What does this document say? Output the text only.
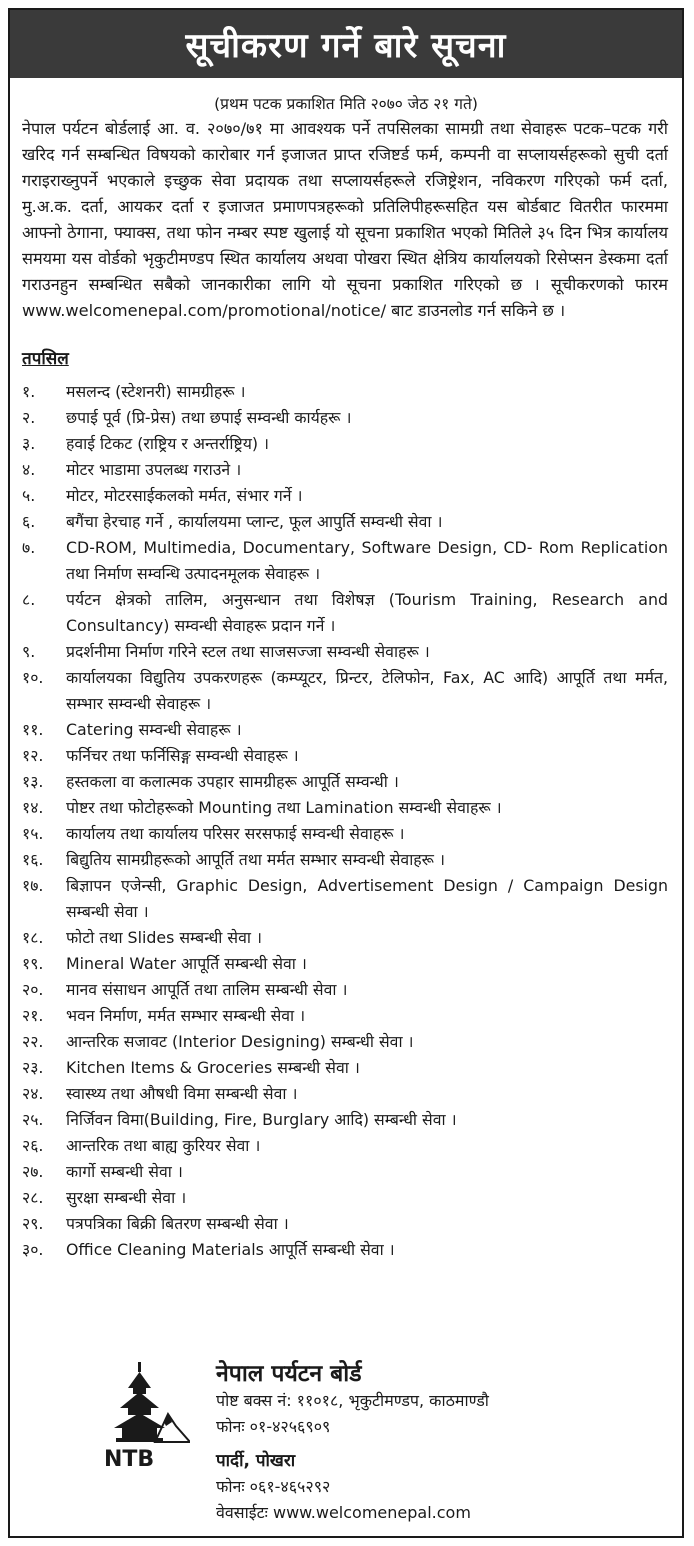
सूचीकरण गर्ने बारे सूचना
(प्रथम पटक प्रकाशित मिति २०७० जेठ २१ गते)
नेपाल पर्यटन बोर्डलाई आ. व. २०७०/७१ मा आवश्यक पर्ने तपसिलका सामग्री तथा सेवाहरू पटक–पटक गरी खरिद गर्न सम्बन्धित विषयको कारोबार गर्न इजाजत प्राप्त रजिष्टर्ड फर्म, कम्पनी वा सप्लायर्सहरूको सुची दर्ता गराइराख्नुपर्ने भएकाले इच्छुक सेवा प्रदायक तथा सप्लायर्सहरूले रजिष्ट्रेशन, नविकरण गरिएको फर्म दर्ता, मु.अ.क. दर्ता, आयकर दर्ता र इजाजत प्रमाणपत्रहरूको प्रतिलिपीहरूसहित यस बोर्डबाट वितरीत फारममा आफ्नो ठेगाना, फ्याक्स, तथा फोन नम्बर स्पष्ट खुलाई यो सूचना प्रकाशित भएको मितिले ३५ दिन भित्र कार्यालय समयमा यस वोर्डको भृकुटीमण्डप स्थित कार्यालय अथवा पोखरा स्थित क्षेत्रिय कार्यालयको रिसेप्सन डेस्कमा दर्ता गराउनहुन सम्बन्धित सबैको जानकारीका लागि यो सूचना प्रकाशित गरिएको छ । सूचीकरणको फारम www.welcomenepal.com/promotional/notice/ बाट डाउनलोड गर्न सकिने छ ।
तपसिल
१.	मसलन्द (स्टेशनरी) सामग्रीहरू ।
२.	छपाई पूर्व (प्रि-प्रेस) तथा छपाई सम्वन्धी कार्यहरू ।
३.	हवाई टिकट (राष्ट्रिय र अन्तर्राष्ट्रिय) ।
४.	मोटर भाडामा उपलब्ध गराउने ।
५.	मोटर, मोटरसाईकलको मर्मत, संभार गर्ने ।
६.	बगैंचा हेरचाह गर्ने , कार्यालयमा प्लान्ट, फूल आपुर्ति सम्वन्धी सेवा ।
७.	CD-ROM, Multimedia, Documentary, Software Design, CD- Rom Replication तथा निर्माण सम्वन्धि उत्पादनमूलक सेवाहरू ।
८.	पर्यटन क्षेत्रको तालिम, अनुसन्धान तथा विशेषज्ञ (Tourism Training, Research and Consultancy) सम्वन्धी सेवाहरू प्रदान गर्ने ।
९.	प्रदर्शनीमा निर्माण गरिने स्टल तथा साजसज्जा सम्वन्धी सेवाहरू ।
१०.	कार्यालयका विद्युतिय उपकरणहरू (कम्प्यूटर, प्रिन्टर, टेलिफोन, Fax, AC आदि) आपूर्ति तथा मर्मत, सम्भार सम्वन्धी सेवाहरू ।
११.	Catering सम्वन्धी सेवाहरू ।
१२.	फर्निचर तथा फर्निसिङ्ग सम्वन्धी सेवाहरू ।
१३.	हस्तकला वा कलात्मक उपहार सामग्रीहरू आपूर्ति सम्वन्धी ।
१४.	पोष्टर तथा फोटोहरूको Mounting तथा Lamination सम्वन्धी सेवाहरू ।
१५.	कार्यालय तथा कार्यालय परिसर सरसफाई सम्वन्धी सेवाहरू ।
१६.	बिद्युतिय सामग्रीहरूको आपूर्ति तथा मर्मत सम्भार सम्वन्धी सेवाहरू ।
१७.	बिज्ञापन एजेन्सी, Graphic Design, Advertisement Design / Campaign Design सम्बन्धी सेवा ।
१८.	फोटो तथा Slides सम्बन्धी सेवा ।
१९.	Mineral Water आपूर्ति सम्बन्धी सेवा ।
२०.	मानव संसाधन आपूर्ति तथा तालिम सम्बन्धी सेवा ।
२१.	भवन निर्माण, मर्मत सम्भार सम्बन्धी सेवा ।
२२.	आन्तरिक सजावट (Interior Designing) सम्बन्धी सेवा ।
२३.	Kitchen Items & Groceries सम्बन्धी सेवा ।
२४.	स्वास्थ्य तथा औषधी विमा सम्बन्धी सेवा ।
२५.	निर्जिवन विमा(Building, Fire, Burglary आदि) सम्बन्धी सेवा ।
२६.	आन्तरिक तथा बाह्य कुरियर सेवा ।
२७.	कार्गो सम्बन्धी सेवा ।
२८.	सुरक्षा सम्बन्धी सेवा ।
२९.	पत्रपत्रिका बिक्री बितरण सम्बन्धी सेवा ।
३०.	Office Cleaning Materials आपूर्ति सम्बन्धी सेवा ।
NTB
नेपाल पर्यटन बोर्ड
पोष्ट बक्स नं: ११०१८, भृकुटीमण्डप, काठमाण्डौ
फोनः ०१-४२५६९०९
पार्दी, पोखरा
फोनः ०६१-४६५२९२
वेवसाईटः www.welcomenepal.com
